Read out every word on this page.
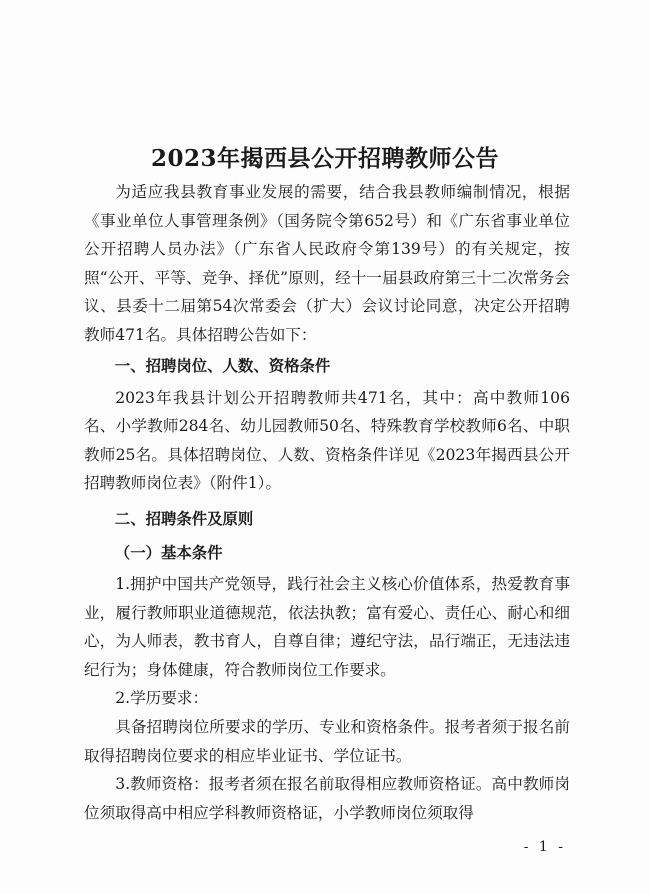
2023年揭西县公开招聘教师公告

为适应我县教育事业发展的需要，结合我县教师编制情况，根据《事业单位人事管理条例》（国务院令第652号）和《广东省事业单位公开招聘人员办法》（广东省人民政府令第139号）的有关规定，按照“公开、平等、竞争、择优”原则，经十一届县政府第三十二次常务会议、县委十二届第54次常委会（扩大）会议讨论同意，决定公开招聘教师471名。具体招聘公告如下：

一、招聘岗位、人数、资格条件

2023年我县计划公开招聘教师共471名，其中：高中教师106名、小学教师284名、幼儿园教师50名、特殊教育学校教师6名、中职教师25名。具体招聘岗位、人数、资格条件详见《2023年揭西县公开招聘教师岗位表》（附件1）。

二、招聘条件及原则

（一）基本条件

1.拥护中国共产党领导，践行社会主义核心价值体系，热爱教育事业，履行教师职业道德规范，依法执教；富有爱心、责任心、耐心和细心，为人师表，教书育人，自尊自律；遵纪守法，品行端正，无违法违纪行为；身体健康，符合教师岗位工作要求。

2.学历要求：

具备招聘岗位所要求的学历、专业和资格条件。报考者须于报名前取得招聘岗位要求的相应毕业证书、学位证书。

3.教师资格：报考者须在报名前取得相应教师资格证。高中教师岗位须取得高中相应学科教师资格证，小学教师岗位须取得

- 1 -
